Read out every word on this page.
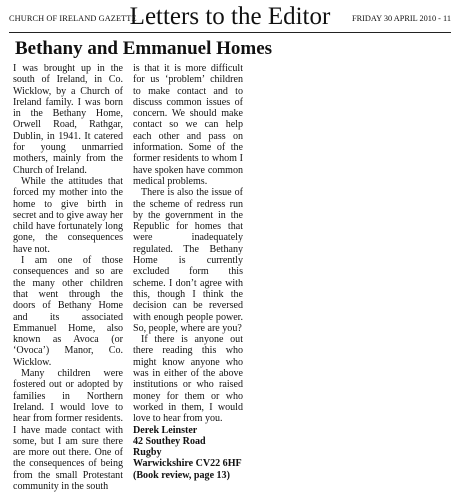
CHURCH OF IRELAND GAZETTE
Letters to the Editor	FRIDAY 30 APRIL 2010 - 11
Bethany and Emmanuel Homes

I was brought up in the south of Ireland, in Co. Wicklow, by a Church of Ireland family. I was born in the Bethany Home, Orwell Road, Rathgar, Dublin, in 1941. It catered for young unmarried mothers, mainly from the Church of Ireland.

While the attitudes that forced my mother into the home to give birth in secret and to give away her child have fortunately long gone, the consequences have not.

I am one of those consequences and so are the many other children that went through the doors of Bethany Home and its associated Emmanuel Home, also known as Avoca (or ‘Ovoca’) Manor, Co. Wicklow.

Many children were fostered out or adopted by families in Northern Ireland. I would love to hear from former residents. I have made contact with some, but I am sure there are more out there. One of the consequences of being from the small Protestant community in the south

is that it is more difficult for us ‘problem’ children to make contact and to discuss common issues of concern. We should make contact so we can help each other and pass on information. Some of the former residents to whom I have spoken have common medical problems.

There is also the issue of the scheme of redress run by the government in the Republic for homes that were inadequately regulated. The Bethany Home is currently excluded form this scheme. I don’t agree with this, though I think the decision can be reversed with enough people power. So, people, where are you?

If there is anyone out there reading this who might know anyone who was in either of the above institutions or who raised money for them or who worked in them, I would love to hear from you.

Derek Leinster

42 Southey Road

Rugby

Warwickshire CV22 6HF

(Book review, page 13)
